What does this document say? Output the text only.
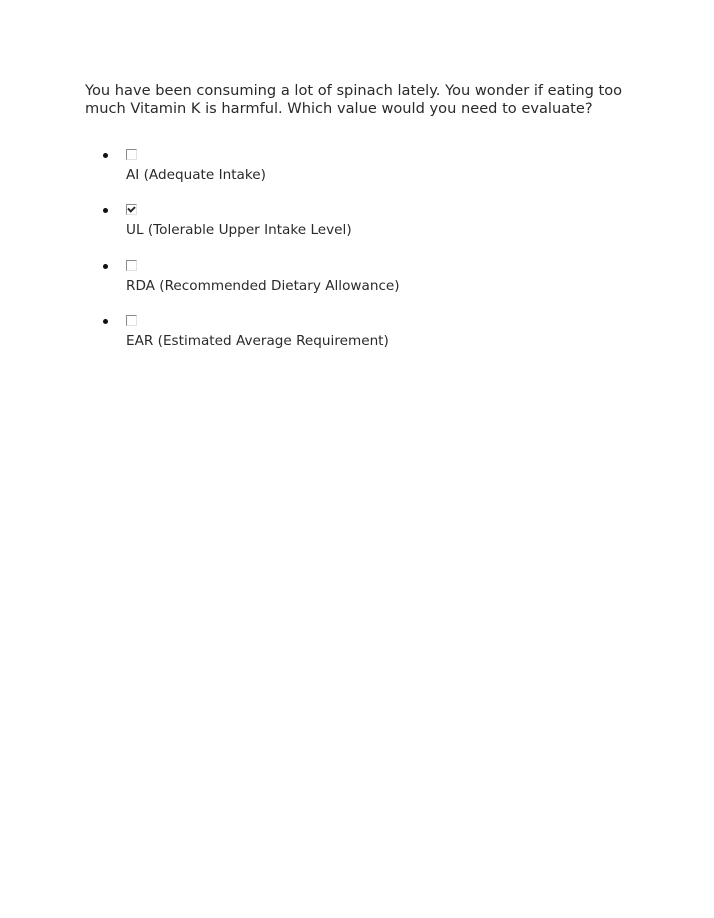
You have been consuming a lot of spinach lately. You wonder if eating too much Vitamin K is harmful. Which value would you need to evaluate?

AI (Adequate Intake)
UL (Tolerable Upper Intake Level)
RDA (Recommended Dietary Allowance)
EAR (Estimated Average Requirement)
